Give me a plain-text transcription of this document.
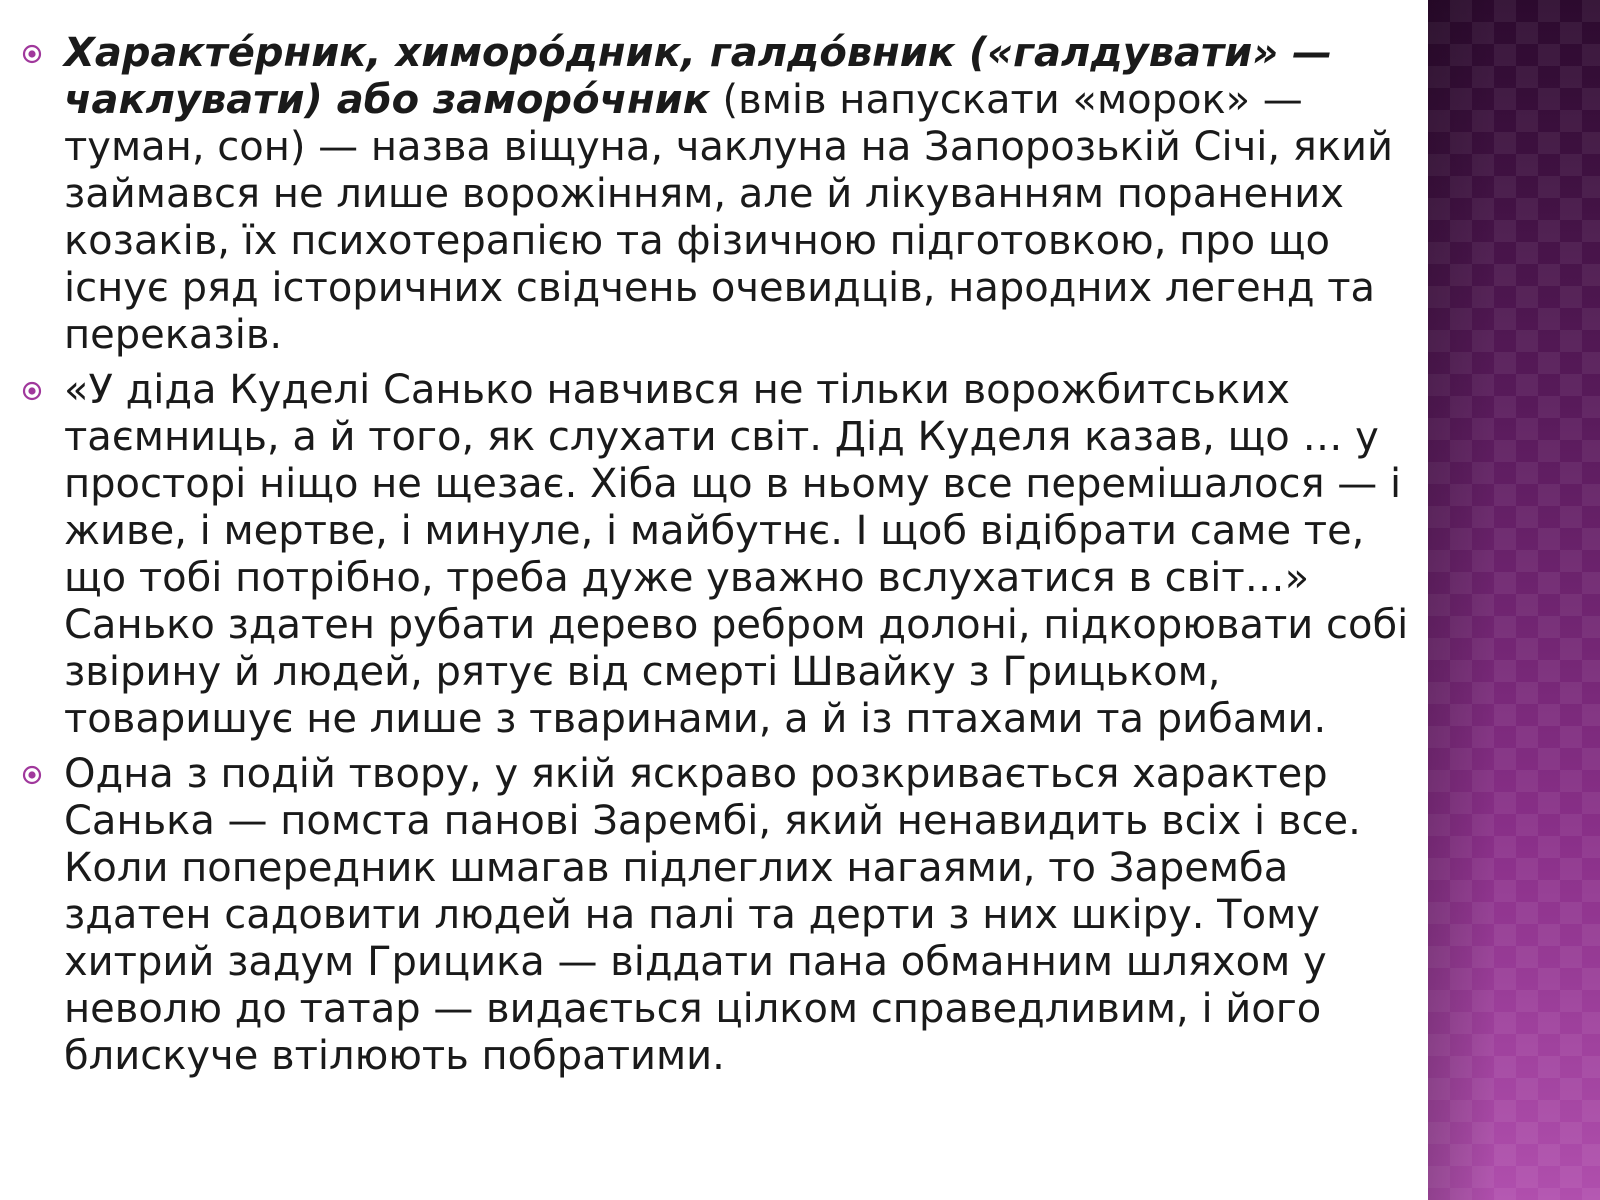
Характе́рник, химоро́дник, галдо́вник («галдувати» — чаклувати) або заморо́чник (вмів напускати «морок» — туман, сон) — назва віщуна, чаклуна на Запорозькій Січі, який займався не лише ворожінням, але й лікуванням поранених козаків, їх психотерапією та фізичною підготовкою, про що існує ряд історичних свідчень очевидців, народних легенд та переказів.
«У діда Куделі Санько навчився не тільки ворожбитських таємниць, а й того, як слухати світ. Дід Куделя казав, що … у просторі ніщо не щезає. Хіба що в ньому все перемішалося — і живе, і мертве, і минуле, і майбутнє. І щоб відібрати саме те, що тобі потрібно, треба дуже уважно вслухатися в світ…» Санько здатен рубати дерево ребром долоні, підкорювати собі звірину й людей, рятує від смерті Швайку з Грицьком, товаришує не лише з тваринами, а й із птахами та рибами.
Одна з подій твору, у якій яскраво розкривається характер Санька — помста панові Зарембі, який ненавидить всіх і все. Коли попередник шмагав підлеглих нагаями, то Заремба здатен садовити людей на палі та дерти з них шкіру. Тому хитрий задум Грицика — віддати пана обманним шляхом у неволю до татар — видається цілком справедливим, і його блискуче втілюють побратими.
